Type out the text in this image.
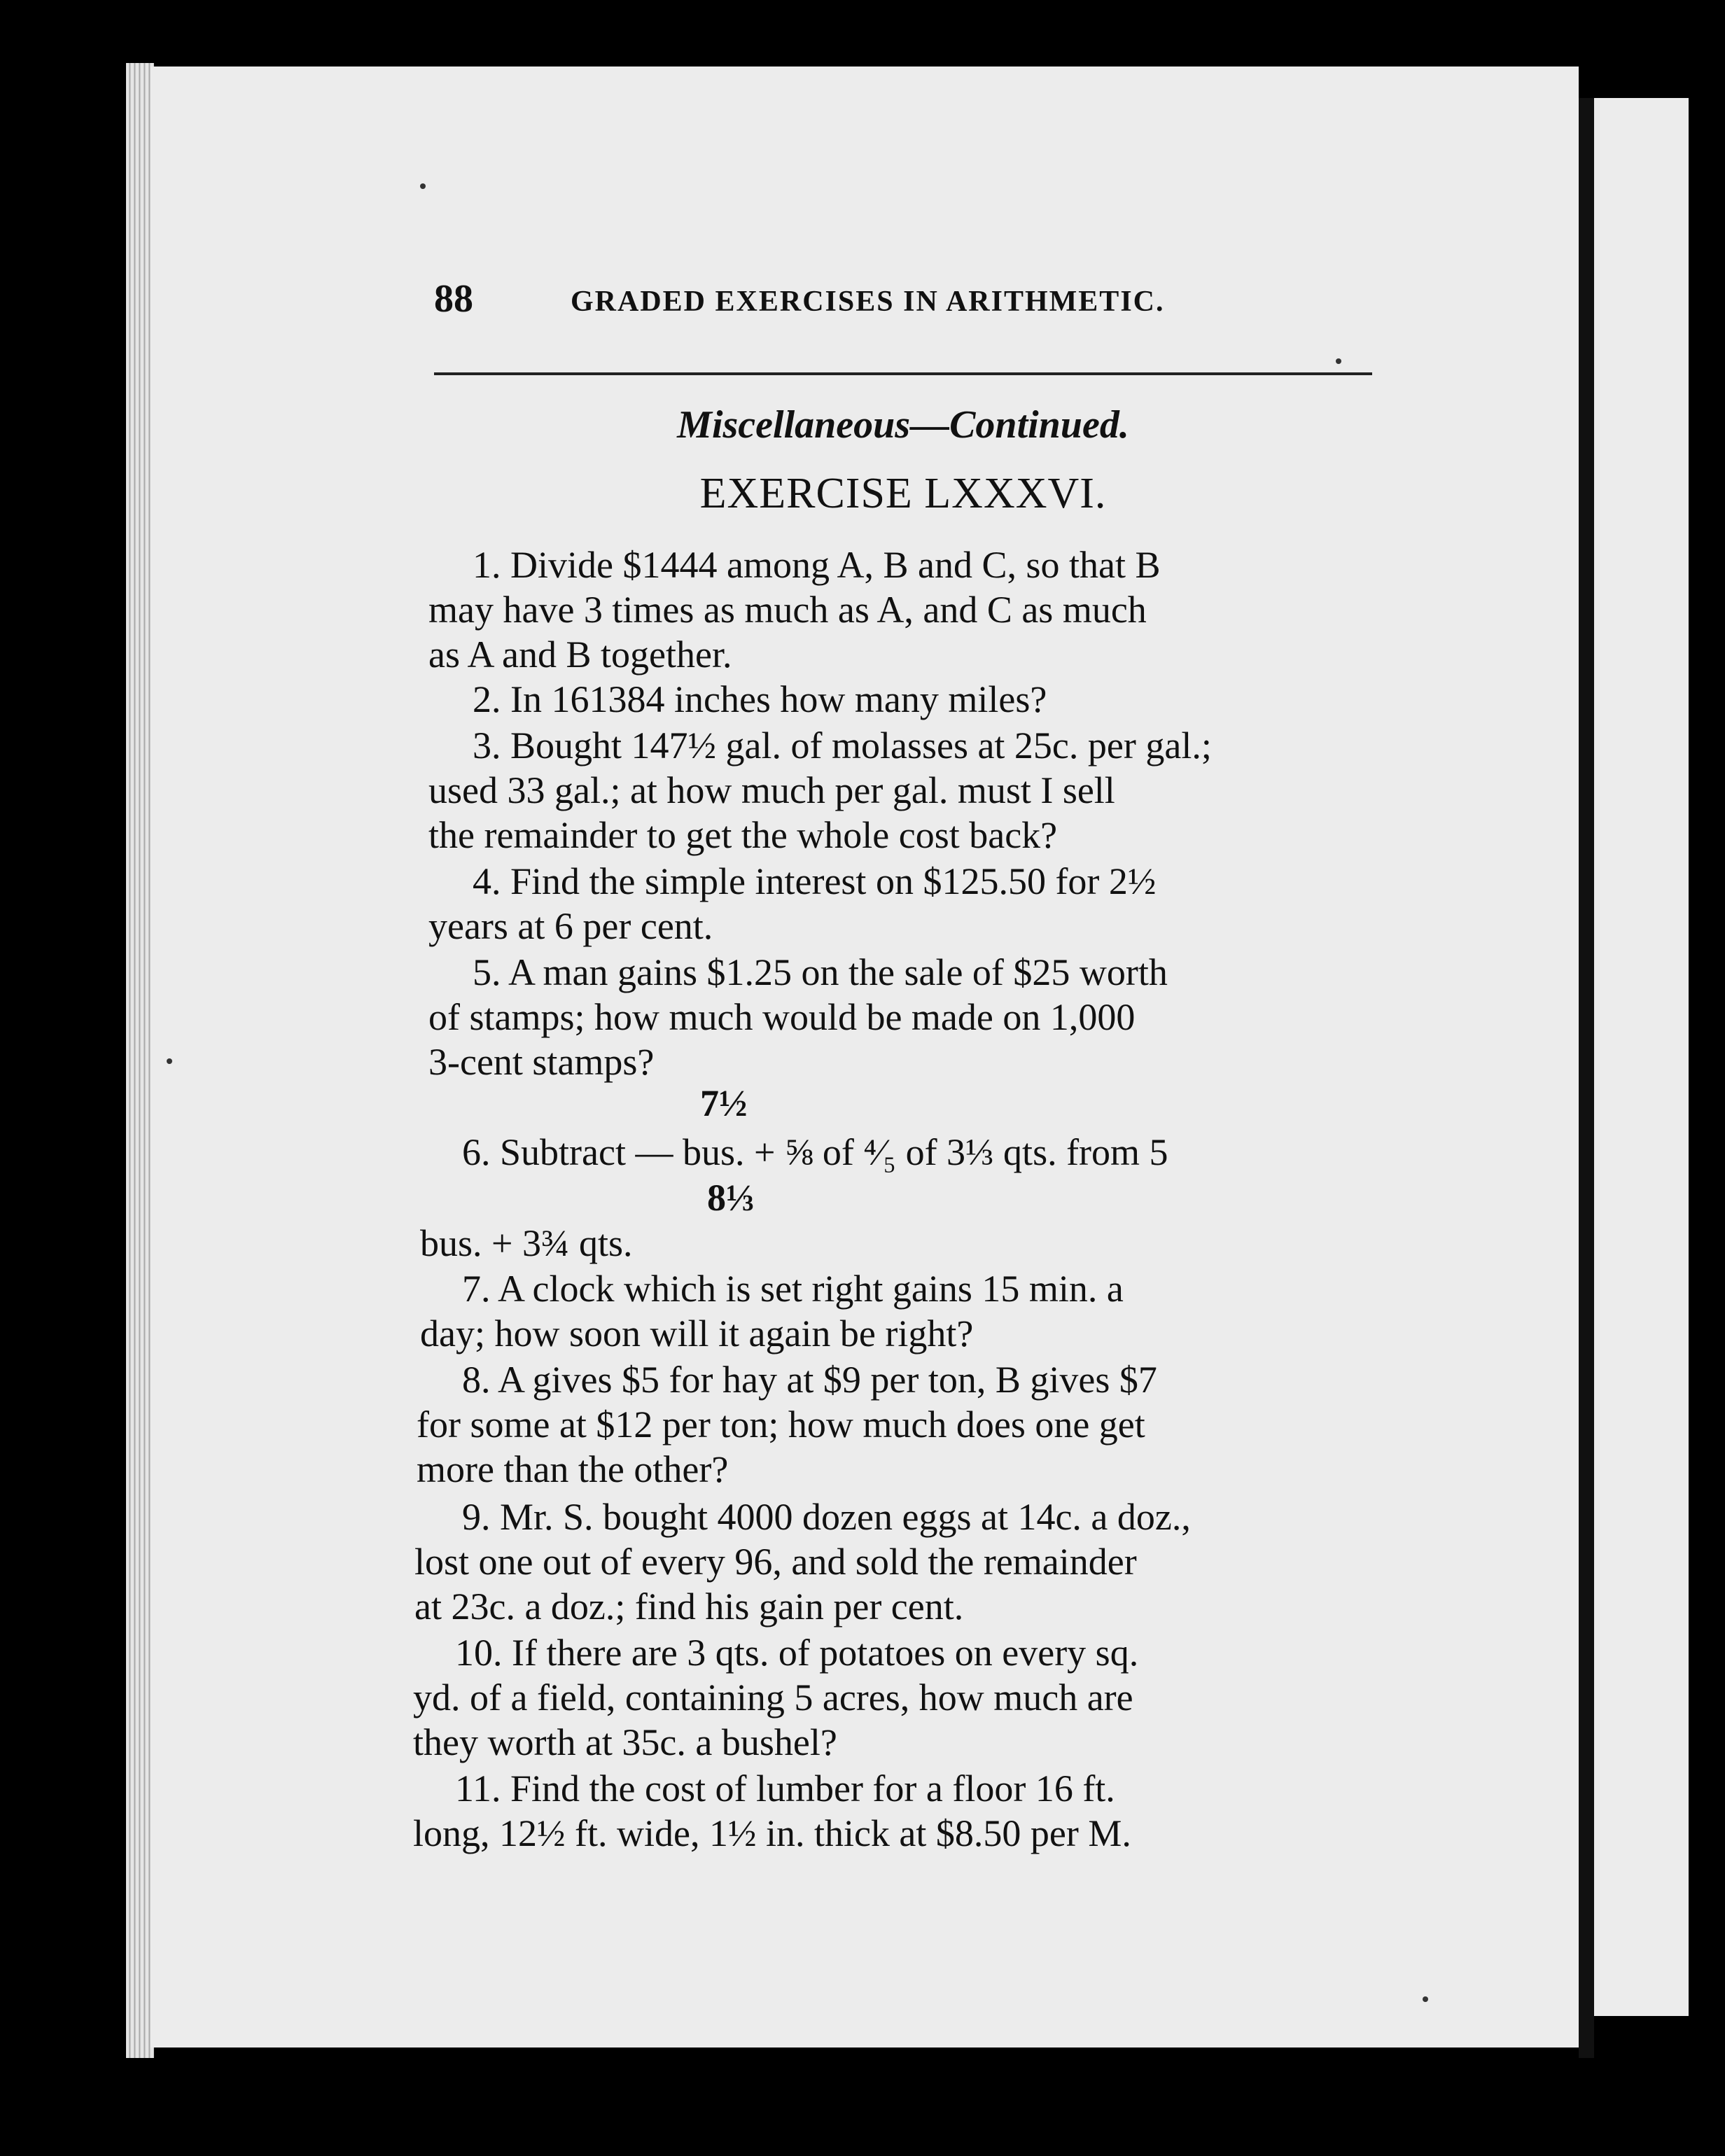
88	GRADED EXERCISES IN ARITHMETIC.
Miscellaneous—Continued.
EXERCISE LXXXVI.
1. Divide $1444 among A, B and C, so that B
may have 3 times as much as A, and C as much
as A and B together.
2. In 161384 inches how many miles?
3. Bought 147½ gal. of molasses at 25c. per gal.;
used 33 gal.; at how much per gal. must I sell
the remainder to get the whole cost back?
4. Find the simple interest on $125.50 for 2½
years at 6 per cent.
5. A man gains $1.25 on the sale of $25 worth
of stamps; how much would be made on 1,000
3-cent stamps?
7½
6. Subtract — bus. + ⅝ of ⁴⁄₅ of 3⅓ qts. from 5
8⅓
bus. + 3¾ qts.
7. A clock which is set right gains 15 min. a
day; how soon will it again be right?
8. A gives $5 for hay at $9 per ton, B gives $7
for some at $12 per ton; how much does one get
more than the other?
9. Mr. S. bought 4000 dozen eggs at 14c. a doz.,
lost one out of every 96, and sold the remainder
at 23c. a doz.; find his gain per cent.
10. If there are 3 qts. of potatoes on every sq.
yd. of a field, containing 5 acres, how much are
they worth at 35c. a bushel?
11. Find the cost of lumber for a floor 16 ft.
long, 12½ ft. wide, 1½ in. thick at $8.50 per M.
